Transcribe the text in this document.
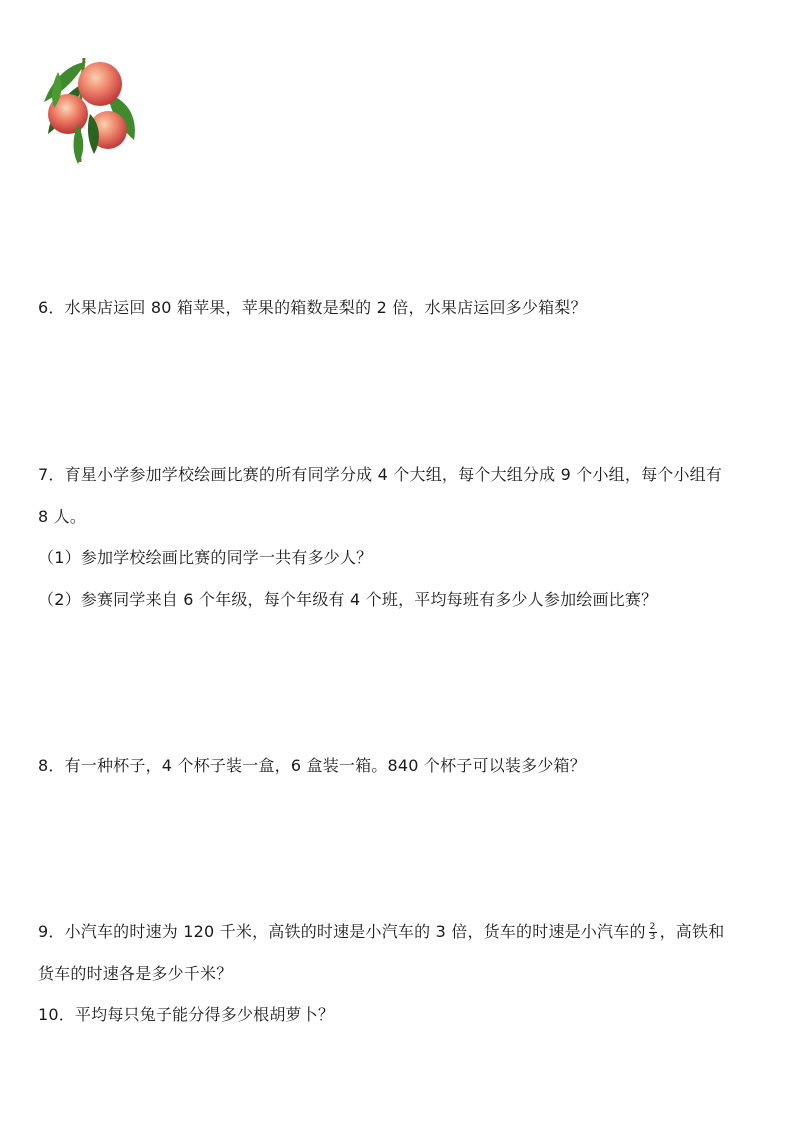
6．水果店运回 80 箱苹果，苹果的箱数是梨的 2 倍，水果店运回多少箱梨？
7．育星小学参加学校绘画比赛的所有同学分成 4 个大组，每个大组分成 9 个小组，每个小组有
8 人。
（1）参加学校绘画比赛的同学一共有多少人？
（2）参赛同学来自 6 个年级，每个年级有 4 个班，平均每班有多少人参加绘画比赛？
8．有一种杯子，4 个杯子装一盒，6 盒装一箱。840 个杯子可以装多少箱？
9．小汽车的时速为 120 千米，高铁的时速是小汽车的 3 倍，货车的时速是小汽车的 $\frac{2}{3}$ ，高铁和
货车的时速各是多少千米？
10．平均每只兔子能分得多少根胡萝卜？
